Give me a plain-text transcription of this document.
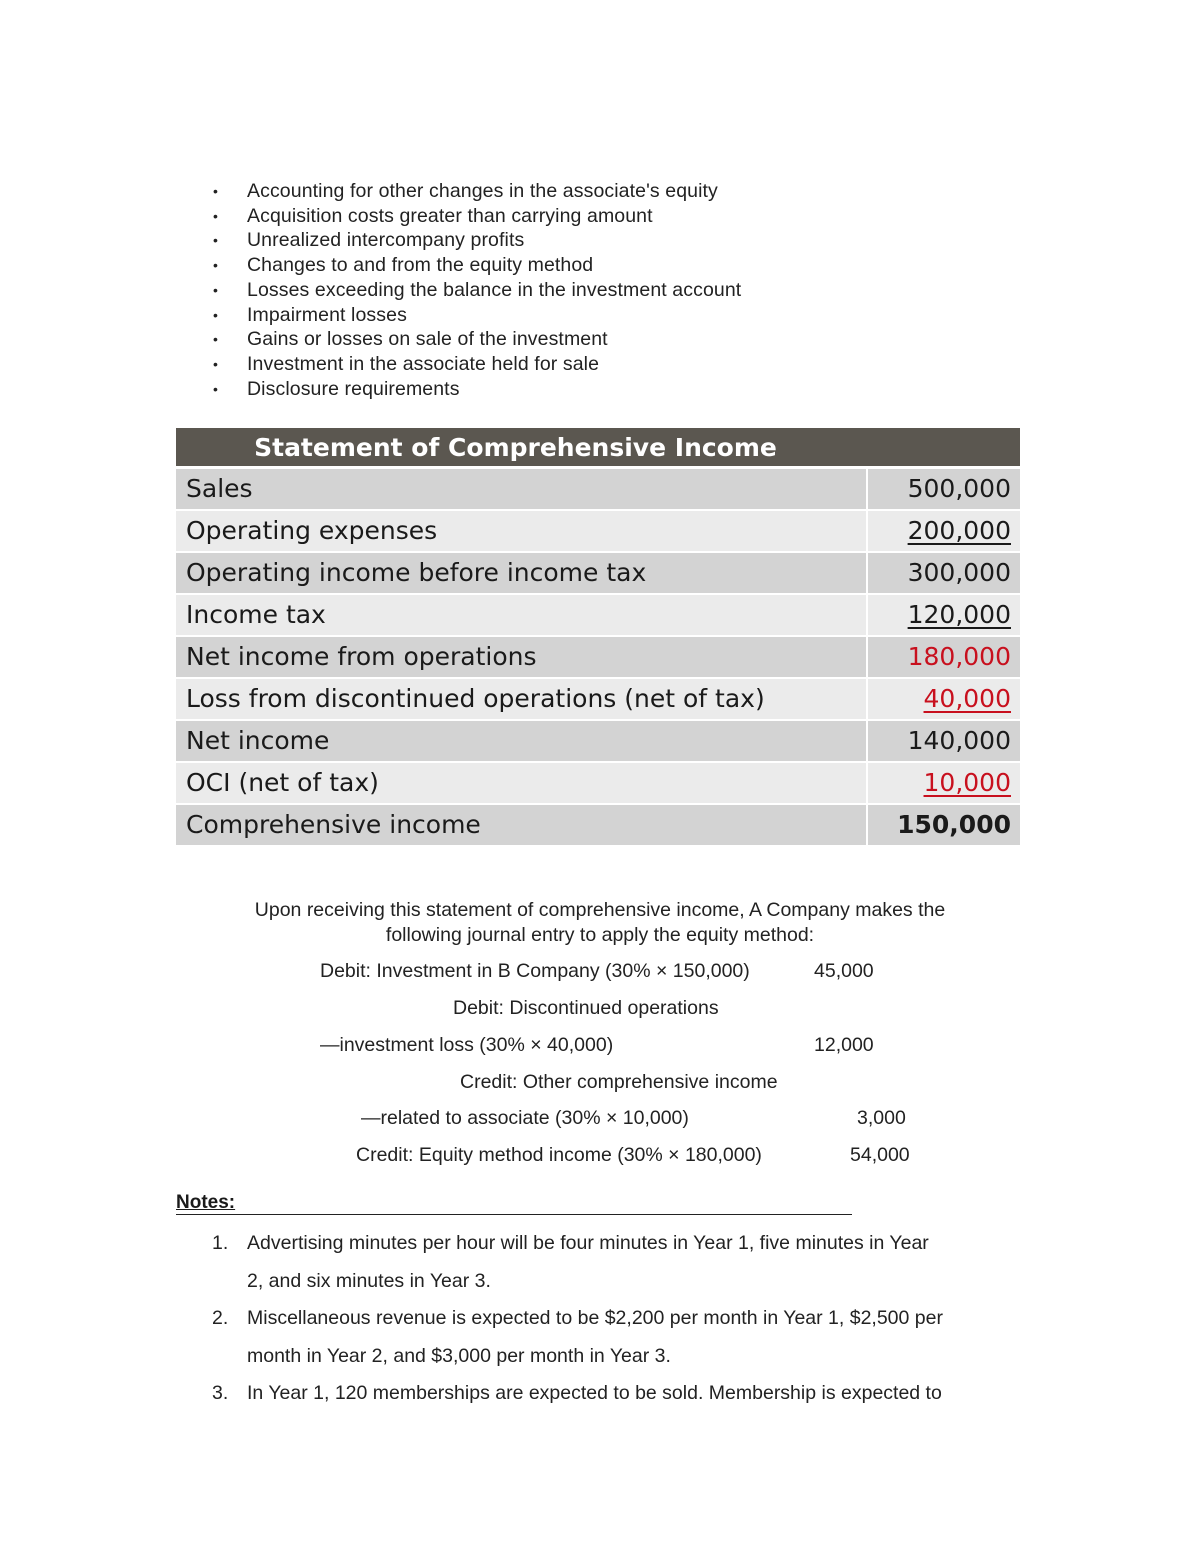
• Accounting for other changes in the associate's equity
• Acquisition costs greater than carrying amount
• Unrealized intercompany profits
• Changes to and from the equity method
• Losses exceeding the balance in the investment account
• Impairment losses
• Gains or losses on sale of the investment
• Investment in the associate held for sale
• Disclosure requirements
Statement of Comprehensive Income
Sales	500,000
Operating expenses	200,000
Operating income before income tax	300,000
Income tax	120,000
Net income from operations	180,000
Loss from discontinued operations (net of tax)	40,000
Net income	140,000
OCI (net of tax)	10,000
Comprehensive income	150,000
Upon receiving this statement of comprehensive income, A Company makes the
following journal entry to apply the equity method:
Debit: Investment in B Company (30% × 150,000)	45,000
Debit: Discontinued operations
—investment loss (30% × 40,000)	12,000
Credit: Other comprehensive income
—related to associate (30% × 10,000)	3,000
Credit: Equity method income (30% × 180,000)	54,000
Notes:
1. Advertising minutes per hour will be four minutes in Year 1, five minutes in Year
2, and six minutes in Year 3.
2. Miscellaneous revenue is expected to be $2,200 per month in Year 1, $2,500 per
month in Year 2, and $3,000 per month in Year 3.
3. In Year 1, 120 memberships are expected to be sold. Membership is expected to
